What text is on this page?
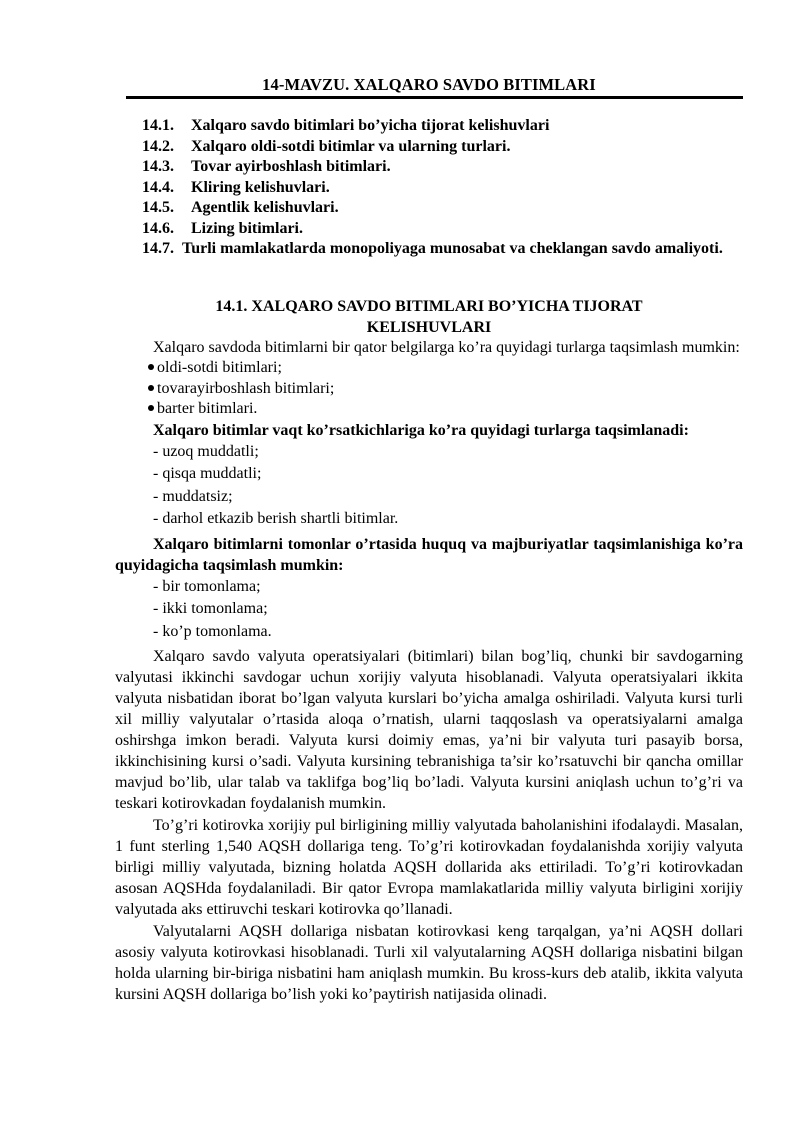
14-MAVZU. XALQARO SAVDO BITIMLARI
14.1.	Xalqaro savdo bitimlari bo’yicha tijorat kelishuvlari
14.2.	Xalqaro oldi-sotdi bitimlar va ularning turlari.
14.3.	Tovar ayirboshlash bitimlari.
14.4.	Kliring kelishuvlari.
14.5.	Agentlik kelishuvlari.
14.6.	Lizing bitimlari.
14.7. Turli mamlakatlarda monopoliyaga munosabat va cheklangan savdo amaliyoti.
14.1. XALQARO SAVDO BITIMLARI BO’YICHA TIJORAT
KELISHUVLARI

Xalqaro savdoda bitimlarni bir qator belgilarga ko’ra quyidagi turlarga taqsimlash mumkin:

oldi-sotdi bitimlari;
tovarayirboshlash bitimlari;
barter bitimlari.

Xalqaro bitimlar vaqt ko’rsatkichlariga ko’ra quyidagi turlarga taqsimlanadi:

- uzoq muddatli;
- qisqa muddatli;
- muddatsiz;
- darhol etkazib berish shartli bitimlar.

Xalqaro bitimlarni tomonlar o’rtasida huquq va majburiyatlar taqsimlanishiga ko’ra quyidagicha taqsimlash mumkin:

- bir tomonlama;
- ikki tomonlama;
- ko’p tomonlama.

Xalqaro savdo valyuta operatsiyalari (bitimlari) bilan bog’liq, chunki bir savdogarning valyutasi ikkinchi savdogar uchun xorijiy valyuta hisoblanadi. Valyuta operatsiyalari ikkita valyuta nisbatidan iborat bo’lgan valyuta kurslari bo’yicha amalga oshiriladi. Valyuta kursi turli xil milliy valyutalar o’rtasida aloqa o’rnatish, ularni taqqoslash va operatsiyalarni amalga oshirshga imkon beradi. Valyuta kursi doimiy emas, ya’ni bir valyuta turi pasayib borsa, ikkinchisining kursi o’sadi. Valyuta kursining tebranishiga ta’sir ko’rsatuvchi bir qancha omillar mavjud bo’lib, ular talab va taklifga bog’liq bo’ladi. Valyuta kursini aniqlash uchun to’g’ri va teskari kotirovkadan foydalanish mumkin.

To’g’ri kotirovka xorijiy pul birligining milliy valyutada baholanishini ifodalaydi. Masalan, 1 funt sterling 1,540 AQSH dollariga teng. To’g’ri kotirovkadan foydalanishda xorijiy valyuta birligi milliy valyutada, bizning holatda AQSH dollarida aks ettiriladi. To’g’ri kotirovkadan asosan AQSHda foydalaniladi. Bir qator Evropa mamlakatlarida milliy valyuta birligini xorijiy valyutada aks ettiruvchi teskari kotirovka qo’llanadi.

Valyutalarni AQSH dollariga nisbatan kotirovkasi keng tarqalgan, ya’ni AQSH dollari asosiy valyuta kotirovkasi hisoblanadi. Turli xil valyutalarning AQSH dollariga nisbatini bilgan holda ularning bir-biriga nisbatini ham aniqlash mumkin. Bu kross-kurs deb atalib, ikkita valyuta kursini AQSH dollariga bo’lish yoki ko’paytirish natijasida olinadi.
